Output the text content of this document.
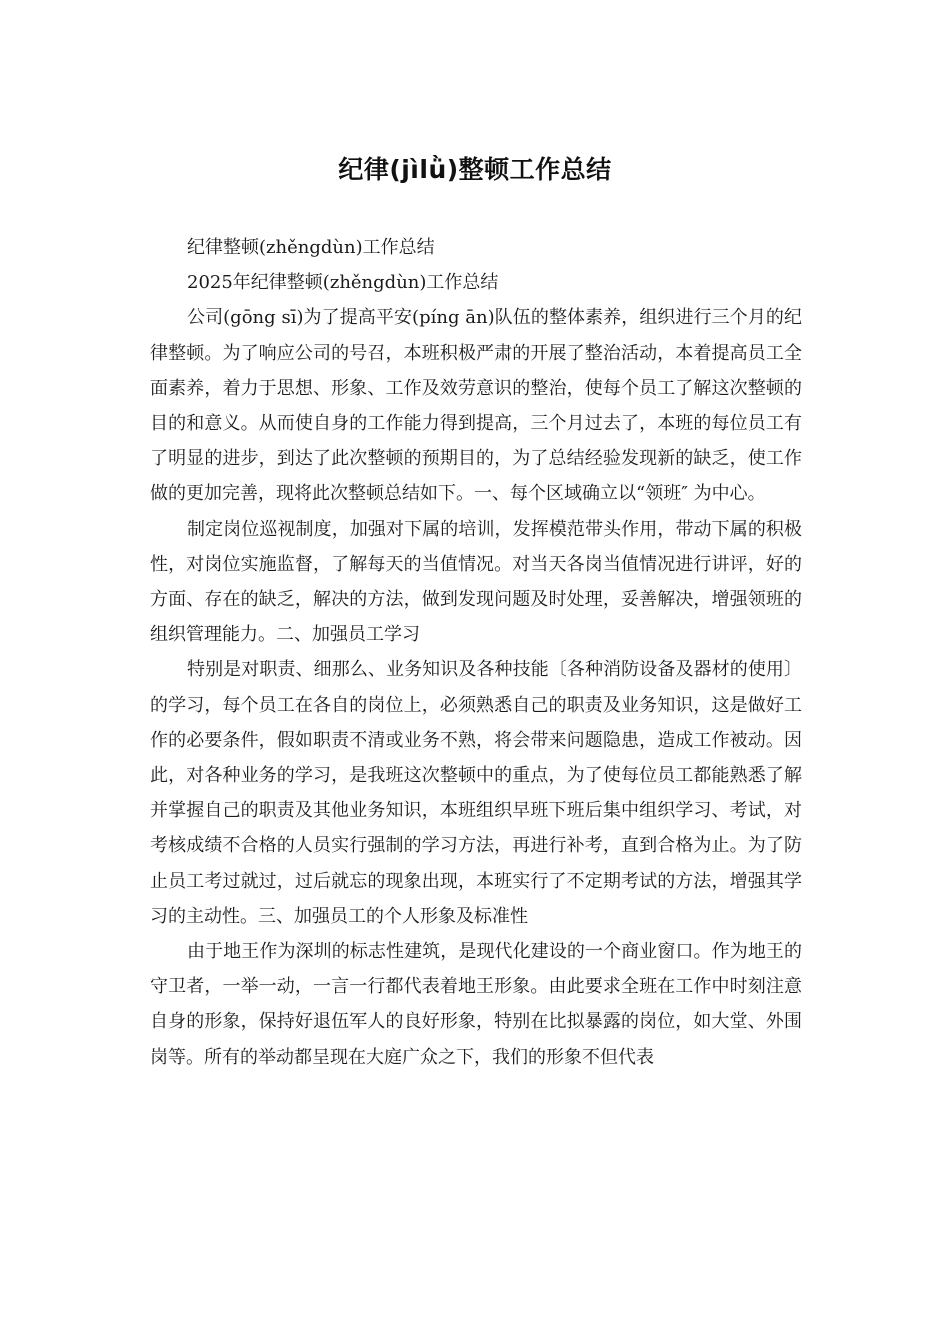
纪律(jìlǜ)整顿工作总结

纪律整顿(zhěngdùn)工作总结

2025年纪律整顿(zhěngdùn)工作总结

公司(gōng sī)为了提高平安(píng ān)队伍的整体素养，组织进行三个月的纪律整顿。为了响应公司的号召，本班积极严肃的开展了整治活动，本着提高员工全面素养，着力于思想、形象、工作及效劳意识的整治，使每个员工了解这次整顿的目的和意义。从而使自身的工作能力得到提高，三个月过去了，本班的每位员工有了明显的进步，到达了此次整顿的预期目的，为了总结经验发现新的缺乏，使工作做的更加完善，现将此次整顿总结如下。一、每个区域确立以“领班″ 为中心。

制定岗位巡视制度，加强对下属的培训，发挥模范带头作用，带动下属的积极性，对岗位实施监督，了解每天的当值情况。对当天各岗当值情况进行讲评，好的方面、存在的缺乏，解决的方法，做到发现问题及时处理，妥善解决，增强领班的组织管理能力。二、加强员工学习

特别是对职责、细那么、业务知识及各种技能〔各种消防设备及器材的使用〕的学习，每个员工在各自的岗位上，必须熟悉自己的职责及业务知识，这是做好工作的必要条件，假如职责不清或业务不熟，将会带来问题隐患，造成工作被动。因此，对各种业务的学习，是我班这次整顿中的重点，为了使每位员工都能熟悉了解并掌握自己的职责及其他业务知识，本班组织早班下班后集中组织学习、考试，对考核成绩不合格的人员实行强制的学习方法，再进行补考，直到合格为止。为了防止员工考过就过，过后就忘的现象出现，本班实行了不定期考试的方法，增强其学习的主动性。三、加强员工的个人形象及标准性

由于地王作为深圳的标志性建筑，是现代化建设的一个商业窗口。作为地王的守卫者，一举一动，一言一行都代表着地王形象。由此要求全班在工作中时刻注意自身的形象，保持好退伍军人的良好形象，特别在比拟暴露的岗位，如大堂、外围岗等。所有的举动都呈现在大庭广众之下，我们的形象不但代表
